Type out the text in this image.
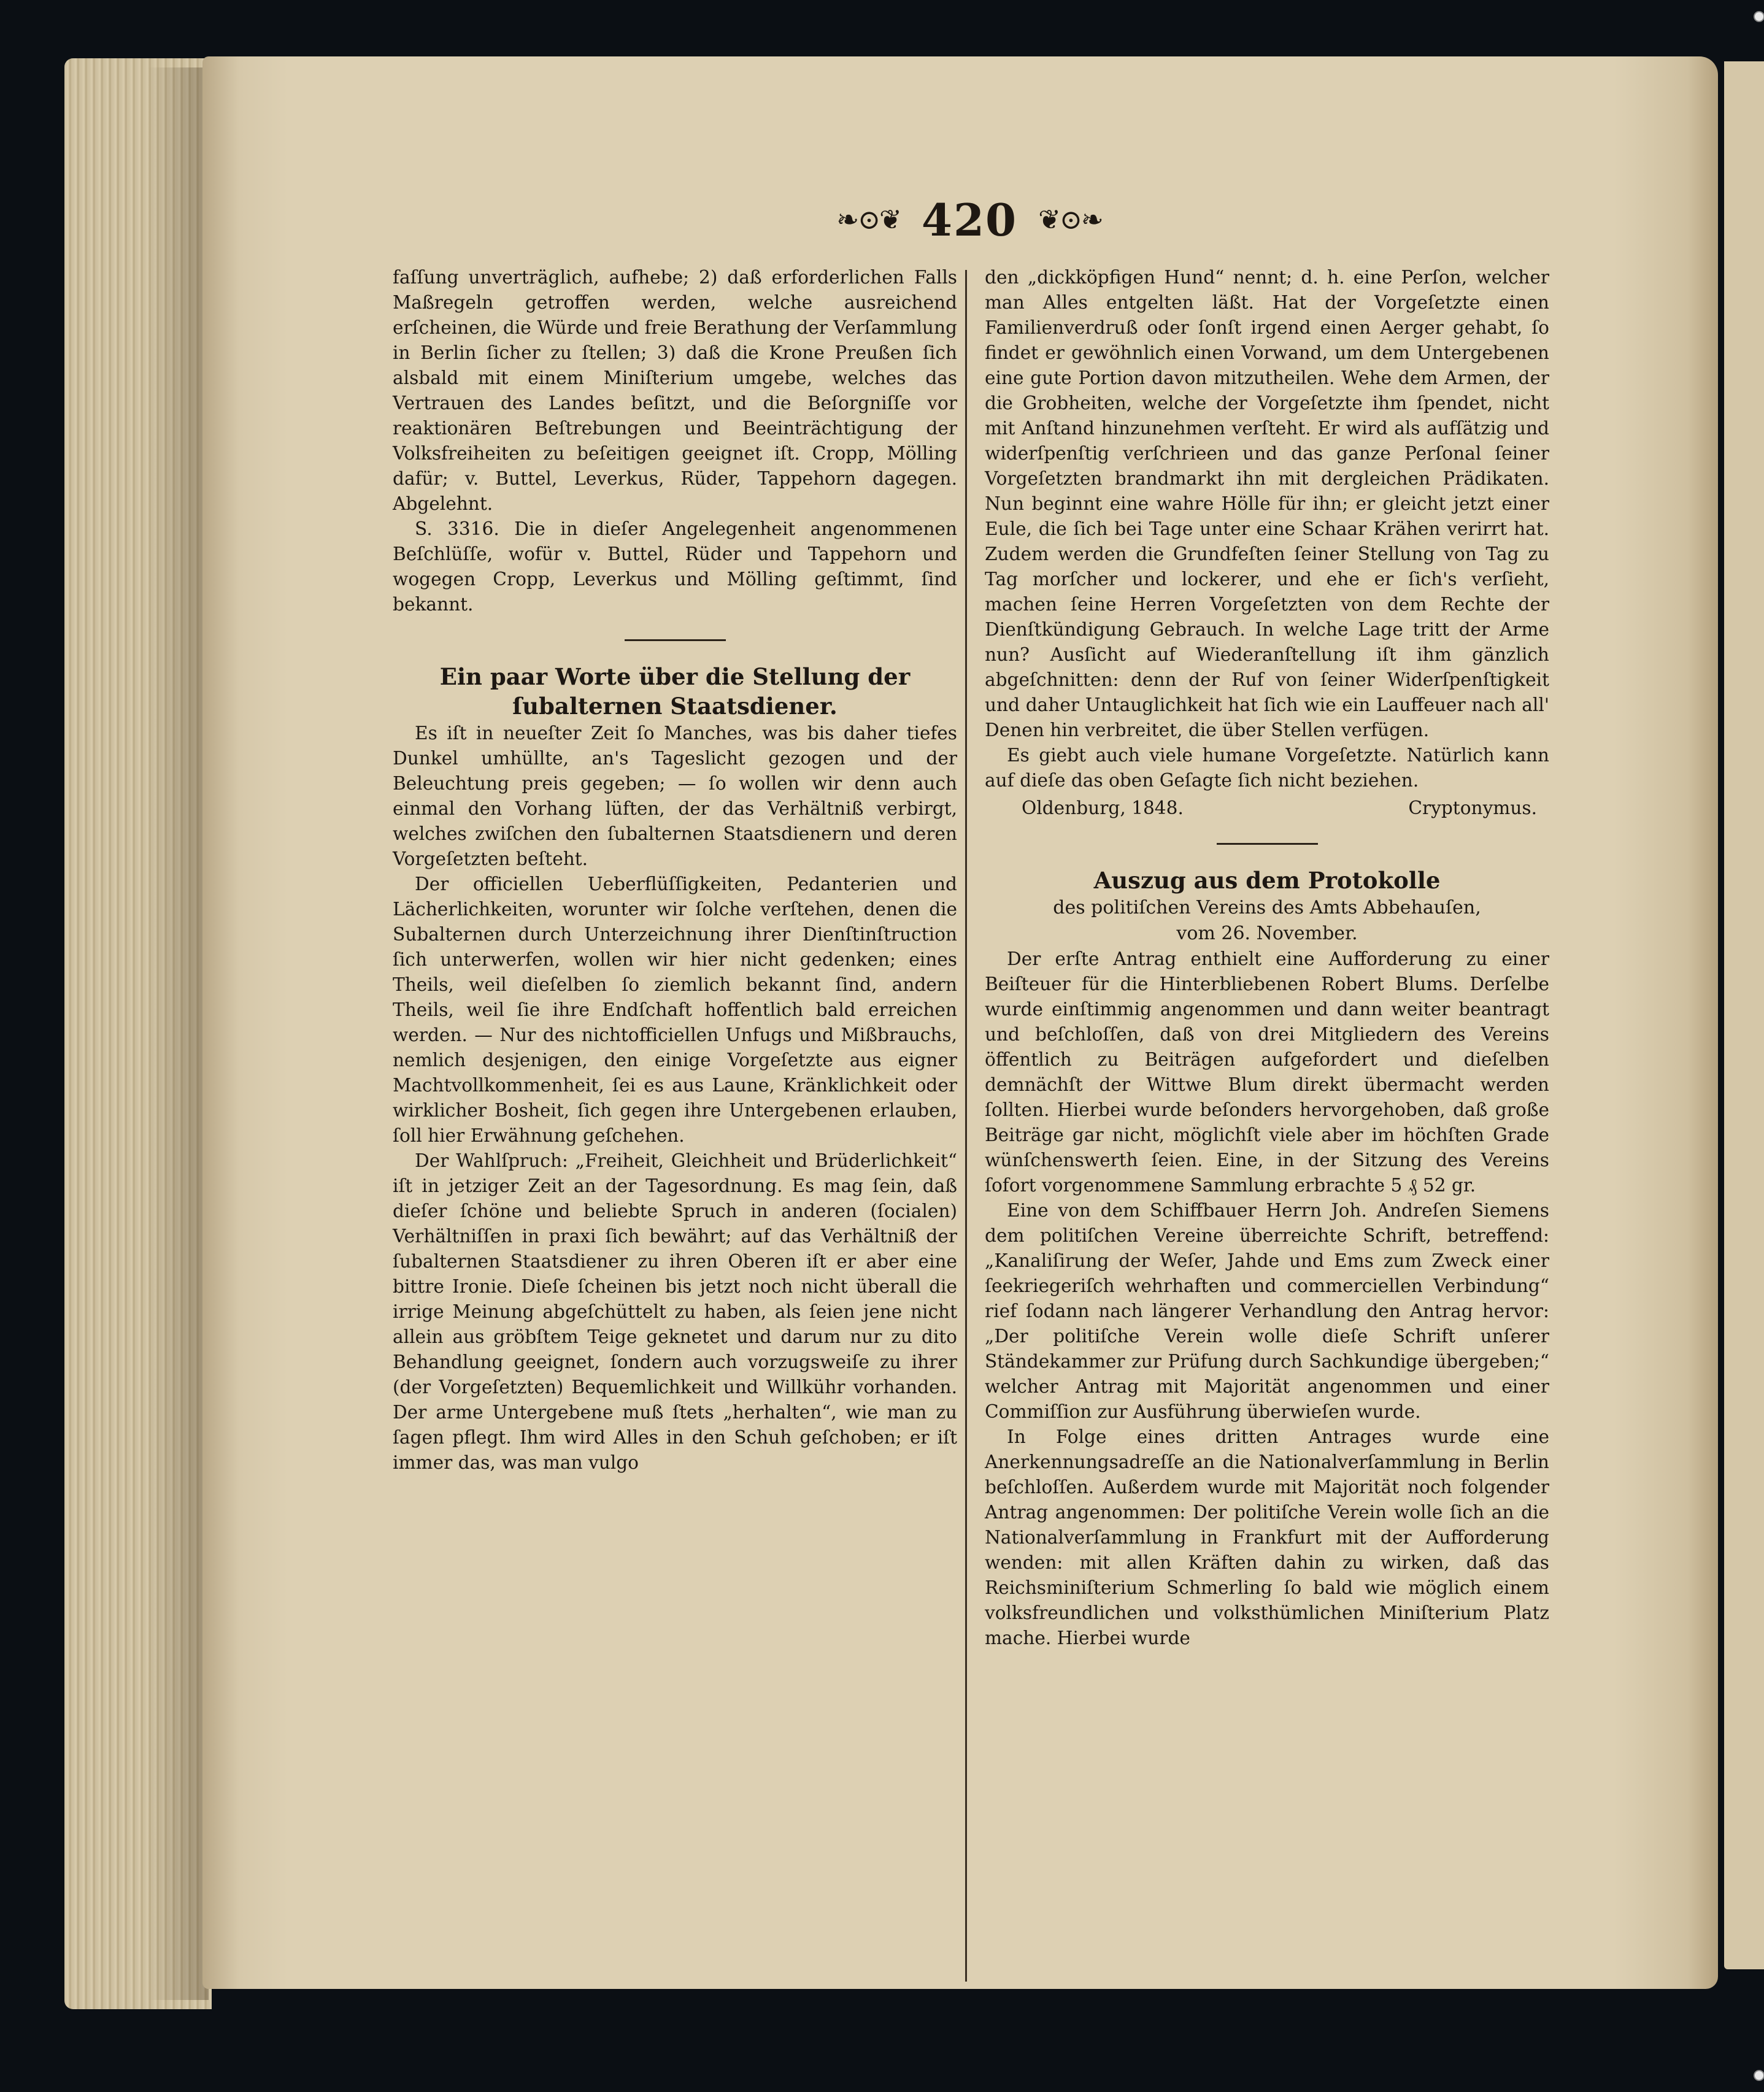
❧⊙❦ 420 ❦⊙❧

faſſung unverträglich, aufhebe; 2) daß erforderlichen Falls Maßregeln getroffen werden, welche ausreichend erſcheinen, die Würde und freie Berathung der Verſammlung in Berlin ſicher zu ſtellen; 3) daß die Krone Preußen ſich alsbald mit einem Miniſterium umgebe, welches das Vertrauen des Landes beſitzt, und die Beſorgniſſe vor reaktionären Beſtrebungen und Beeinträchtigung der Volksfreiheiten zu beſeitigen geeignet iſt. Cropp, Mölling dafür; v. Buttel, Leverkus, Rüder, Tappehorn dagegen. Abgelehnt.

S. 3316. Die in dieſer Angelegenheit angenommenen Beſchlüſſe, wofür v. Buttel, Rüder und Tappehorn und wogegen Cropp, Leverkus und Mölling geſtimmt, ſind bekannt.

Ein paar Worte über die Stellung der ſubalternen Staatsdiener.

Es iſt in neueſter Zeit ſo Manches, was bis daher tiefes Dunkel umhüllte, an's Tageslicht gezogen und der Beleuchtung preis gegeben; — ſo wollen wir denn auch einmal den Vorhang lüften, der das Verhältniß verbirgt, welches zwiſchen den ſubalternen Staatsdienern und deren Vorgeſetzten beſteht.

Der officiellen Ueberflüſſigkeiten, Pedanterien und Lächerlichkeiten, worunter wir ſolche verſtehen, denen die Subalternen durch Unterzeichnung ihrer Dienſtinſtruction ſich unterwerfen, wollen wir hier nicht gedenken; eines Theils, weil dieſelben ſo ziemlich bekannt ſind, andern Theils, weil ſie ihre Endſchaft hoffentlich bald erreichen werden. — Nur des nichtofficiellen Unfugs und Mißbrauchs, nemlich desjenigen, den einige Vorgeſetzte aus eigner Machtvollkommenheit, ſei es aus Laune, Kränklichkeit oder wirklicher Bosheit, ſich gegen ihre Untergebenen erlauben, ſoll hier Erwähnung geſchehen.

Der Wahlſpruch: „Freiheit, Gleichheit und Brüderlichkeit“ iſt in jetziger Zeit an der Tagesordnung. Es mag ſein, daß dieſer ſchöne und beliebte Spruch in anderen (ſocialen) Verhältniſſen in praxi ſich bewährt; auf das Verhältniß der ſubalternen Staatsdiener zu ihren Oberen iſt er aber eine bittre Ironie. Dieſe ſcheinen bis jetzt noch nicht überall die irrige Meinung abgeſchüttelt zu haben, als ſeien jene nicht allein aus gröbſtem Teige geknetet und darum nur zu dito Behandlung geeignet, ſondern auch vorzugsweiſe zu ihrer (der Vorgeſetzten) Bequemlichkeit und Willkühr vorhanden. Der arme Untergebene muß ſtets „herhalten“, wie man zu ſagen pflegt. Ihm wird Alles in den Schuh geſchoben; er iſt immer das, was man vulgo

den „dickköpfigen Hund“ nennt; d. h. eine Perſon, welcher man Alles entgelten läßt. Hat der Vorgeſetzte einen Familienverdruß oder ſonſt irgend einen Aerger gehabt, ſo findet er gewöhnlich einen Vorwand, um dem Untergebenen eine gute Portion davon mitzutheilen. Wehe dem Armen, der die Grobheiten, welche der Vorgeſetzte ihm ſpendet, nicht mit Anſtand hinzunehmen verſteht. Er wird als aufſätzig und widerſpenſtig verſchrieen und das ganze Perſonal ſeiner Vorgeſetzten brandmarkt ihn mit dergleichen Prädikaten. Nun beginnt eine wahre Hölle für ihn; er gleicht jetzt einer Eule, die ſich bei Tage unter eine Schaar Krähen verirrt hat. Zudem werden die Grundfeſten ſeiner Stellung von Tag zu Tag morſcher und lockerer, und ehe er ſich's verſieht, machen ſeine Herren Vorgeſetzten von dem Rechte der Dienſtkündigung Gebrauch. In welche Lage tritt der Arme nun? Ausſicht auf Wiederanſtellung iſt ihm gänzlich abgeſchnitten: denn der Ruf von ſeiner Widerſpenſtigkeit und daher Untauglichkeit hat ſich wie ein Lauffeuer nach all' Denen hin verbreitet, die über Stellen verfügen.

Es giebt auch viele humane Vorgeſetzte. Natürlich kann auf dieſe das oben Geſagte ſich nicht beziehen.

Oldenburg, 1848.	Cryptonymus.

Auszug aus dem Protokolle

des politiſchen Vereins des Amts Abbehauſen,

vom 26. November.

Der erſte Antrag enthielt eine Aufforderung zu einer Beiſteuer für die Hinterbliebenen Robert Blums. Derſelbe wurde einſtimmig angenommen und dann weiter beantragt und beſchloſſen, daß von drei Mitgliedern des Vereins öffentlich zu Beiträgen aufgefordert und dieſelben demnächſt der Wittwe Blum direkt übermacht werden ſollten. Hierbei wurde beſonders hervorgehoben, daß große Beiträge gar nicht, möglichſt viele aber im höchſten Grade wünſchenswerth ſeien. Eine, in der Sitzung des Vereins ſofort vorgenommene Sammlung erbrachte 5 ₰ 52 gr.

Eine von dem Schiffbauer Herrn Joh. Andreſen Siemens dem politiſchen Vereine überreichte Schrift, betreffend: „Kanaliſirung der Weſer, Jahde und Ems zum Zweck einer ſeekriegeriſch wehrhaften und commerciellen Verbindung“ rief ſodann nach längerer Verhandlung den Antrag hervor: „Der politiſche Verein wolle dieſe Schrift unſerer Ständekammer zur Prüfung durch Sachkundige übergeben;“ welcher Antrag mit Majorität angenommen und einer Commiſſion zur Ausführung überwieſen wurde.

In Folge eines dritten Antrages wurde eine Anerkennungsadreſſe an die Nationalverſammlung in Berlin beſchloſſen. Außerdem wurde mit Majorität noch folgender Antrag angenommen: Der politiſche Verein wolle ſich an die Nationalverſammlung in Frankfurt mit der Aufforderung wenden: mit allen Kräften dahin zu wirken, daß das Reichsminiſterium Schmerling ſo bald wie möglich einem volksfreundlichen und volksthümlichen Miniſterium Platz mache. Hierbei wurde
